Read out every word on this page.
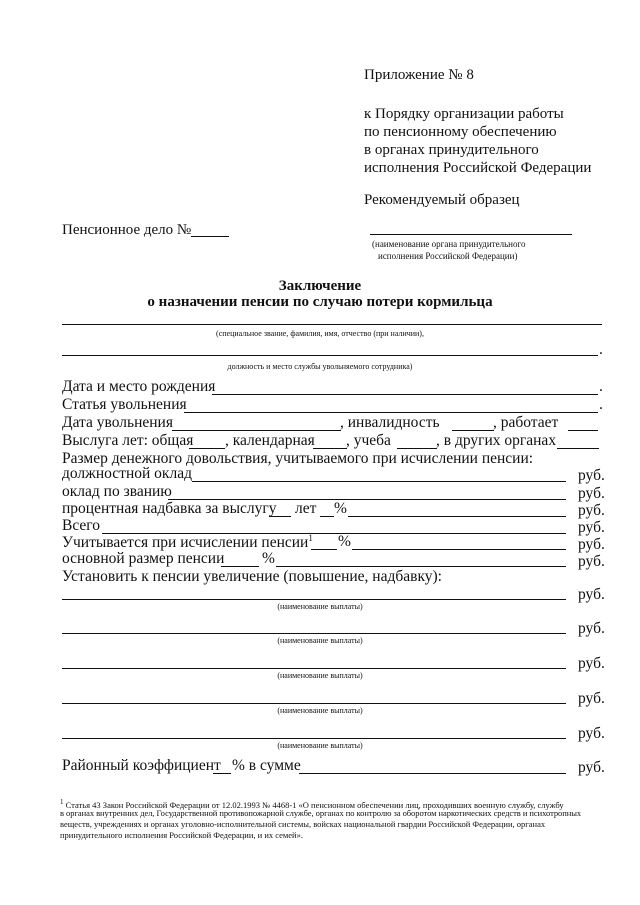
Приложение № 8
к Порядку организации работы
по пенсионному обеспечению
в органах принудительного
исполнения Российской Федерации
Рекомендуемый образец
Пенсионное дело №
(наименование органа принудительного
исполнения Российской Федерации)
Заключение
о назначении пенсии по случаю потери кормильца
(специальное звание, фамилия, имя, отчество (при наличии),
.
должность и место службы увольняемого сотрудника)
Дата и место рождения	.
Статья увольнения	.
Дата увольнения	, инвалидность	, работает
Выслуга лет: общая , календарная , учеба	, в других органах
Размер денежного довольствия, учитываемого при исчислении пенсии:
должностной оклад	руб.
оклад по званию	руб.
процентная надбавка за выслугу лет %	руб.
Всего	руб.
Учитывается при исчислении пенсии$^1$ %	руб.
основной размер пенсии %	руб.
Установить к пенсии увеличение (повышение, надбавку):
руб.
(наименование выплаты)
руб.
(наименование выплаты)
руб.
(наименование выплаты)
руб.
(наименование выплаты)
руб.
(наименование выплаты)
Районный коэффициент % в сумме	руб.
$^1$ Статья 43 Закон Российской Федерации от 12.02.1993 № 4468-1 «О пенсионном обеспечении лиц, проходивших военную службу, службу
в органах внутренних дел, Государственной противопожарной службе, органах по контролю за оборотом наркотических средств и психотропных
веществ, учреждениях и органах уголовно-исполнительной системы, войсках национальной гвардии Российской Федерации, органах
принудительного исполнения Российской Федерации, и их семей».
